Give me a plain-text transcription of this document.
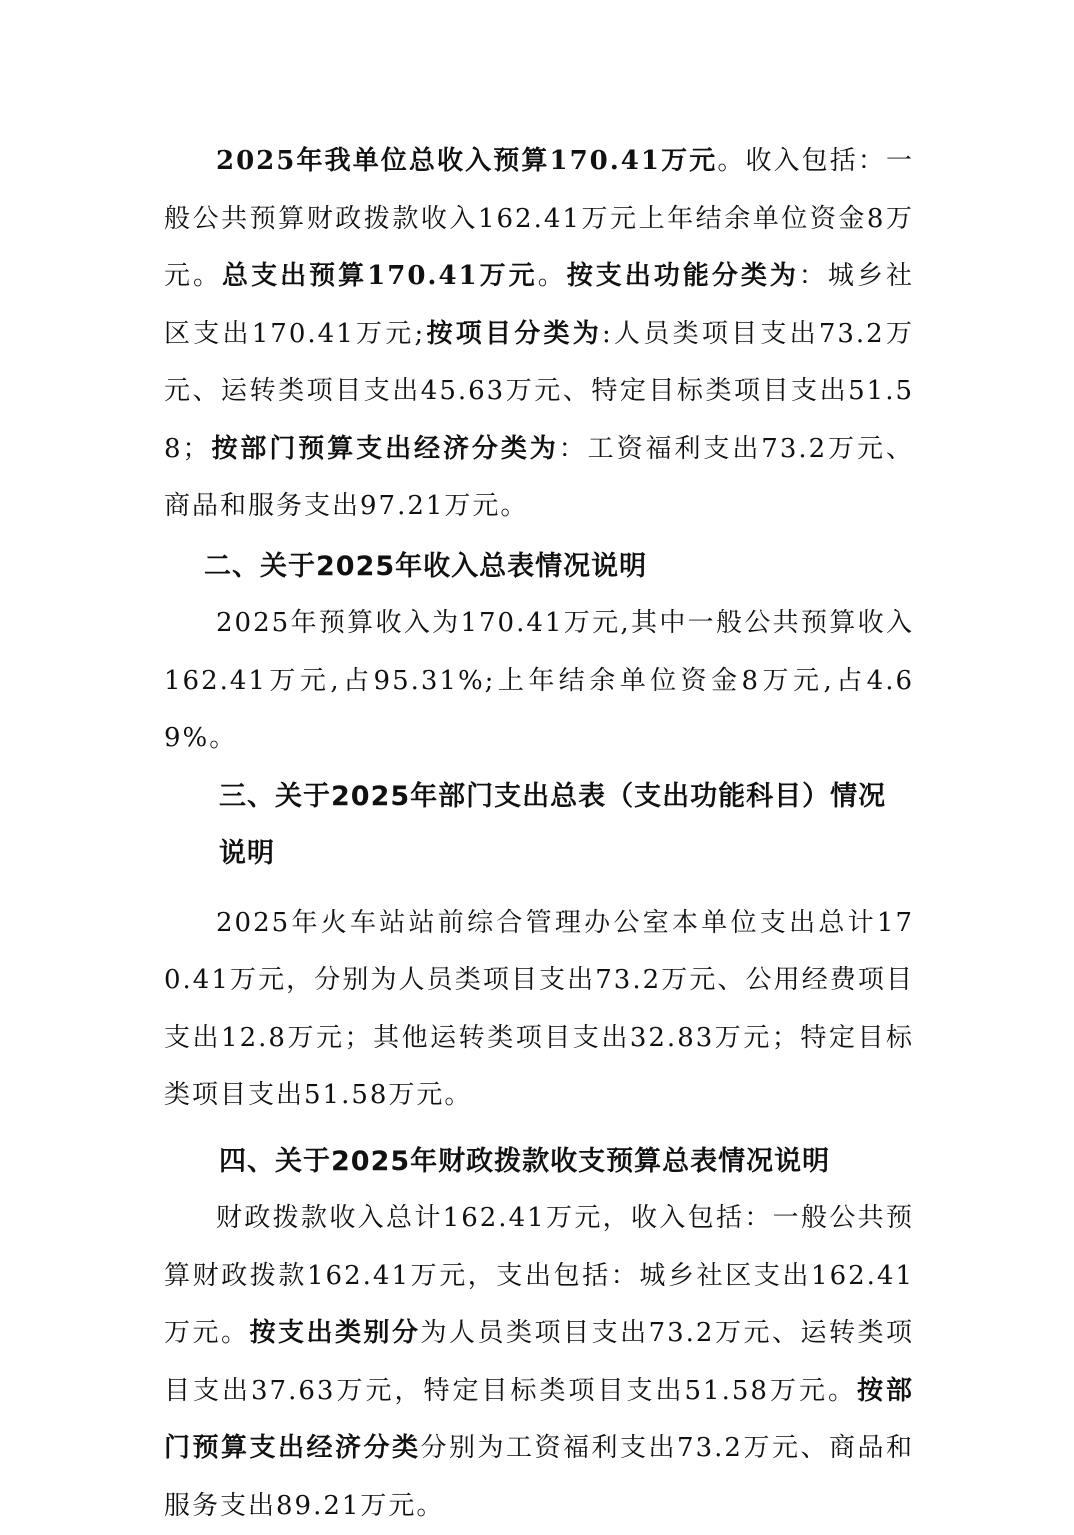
2025年我单位总收入预算170.41万元。收入包括：一般公共预算财政拨款收入162.41万元上年结余单位资金8万元。总支出预算170.41万元。按支出功能分类为：城乡社区支出170.41万元;按项目分类为:人员类项目支出73.2万元、运转类项目支出45.63万元、特定目标类项目支出51.58；按部门预算支出经济分类为：工资福利支出73.2万元、商品和服务支出97.21万元。

二、关于2025年收入总表情况说明

2025年预算收入为170.41万元,其中一般公共预算收入162.41万元,占95.31%;上年结余单位资金8万元,占4.69%。

三、关于2025年部门支出总表（支出功能科目）情况说明

2025年火车站站前综合管理办公室本单位支出总计170.41万元，分别为人员类项目支出73.2万元、公用经费项目支出12.8万元；其他运转类项目支出32.83万元；特定目标类项目支出51.58万元。

四、关于2025年财政拨款收支预算总表情况说明

财政拨款收入总计162.41万元，收入包括：一般公共预算财政拨款162.41万元，支出包括：城乡社区支出162.41万元。按支出类别分为人员类项目支出73.2万元、运转类项目支出37.63万元，特定目标类项目支出51.58万元。按部门预算支出经济分类分别为工资福利支出73.2万元、商品和服务支出89.21万元。
